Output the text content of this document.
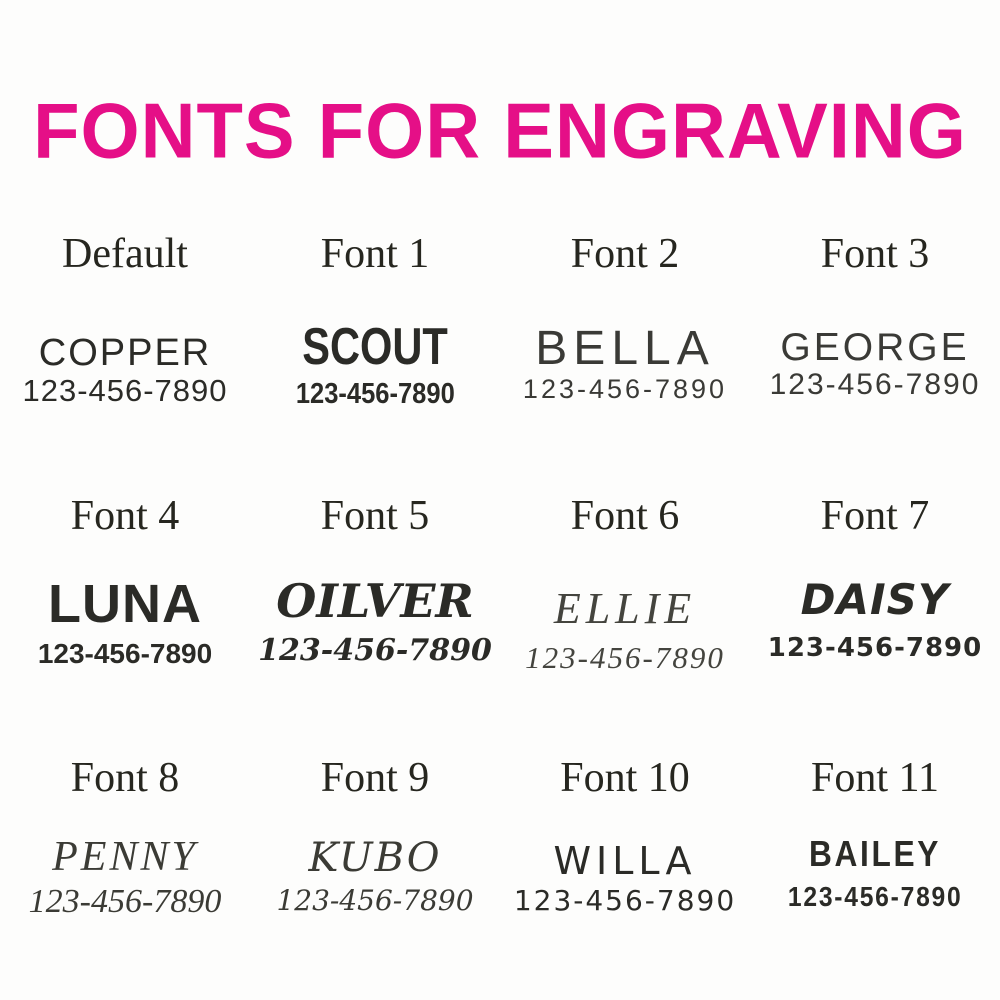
FONTS FOR ENGRAVING
Default
COPPER
123-456-7890
Font 1
SCOUT
123-456-7890
Font 2
BELLA
123-456-7890
Font 3
GEORGE
123-456-7890
Font 4
LUNA
123-456-7890
Font 5
OILVER
123-456-7890
Font 6
ELLIE
123-456-7890
Font 7
DAISY
123-456-7890
Font 8
PENNY
123-456-7890
Font 9
KUBO
123-456-7890
Font 10
WILLA
123-456-7890
Font 11
BAILEY
123-456-7890
